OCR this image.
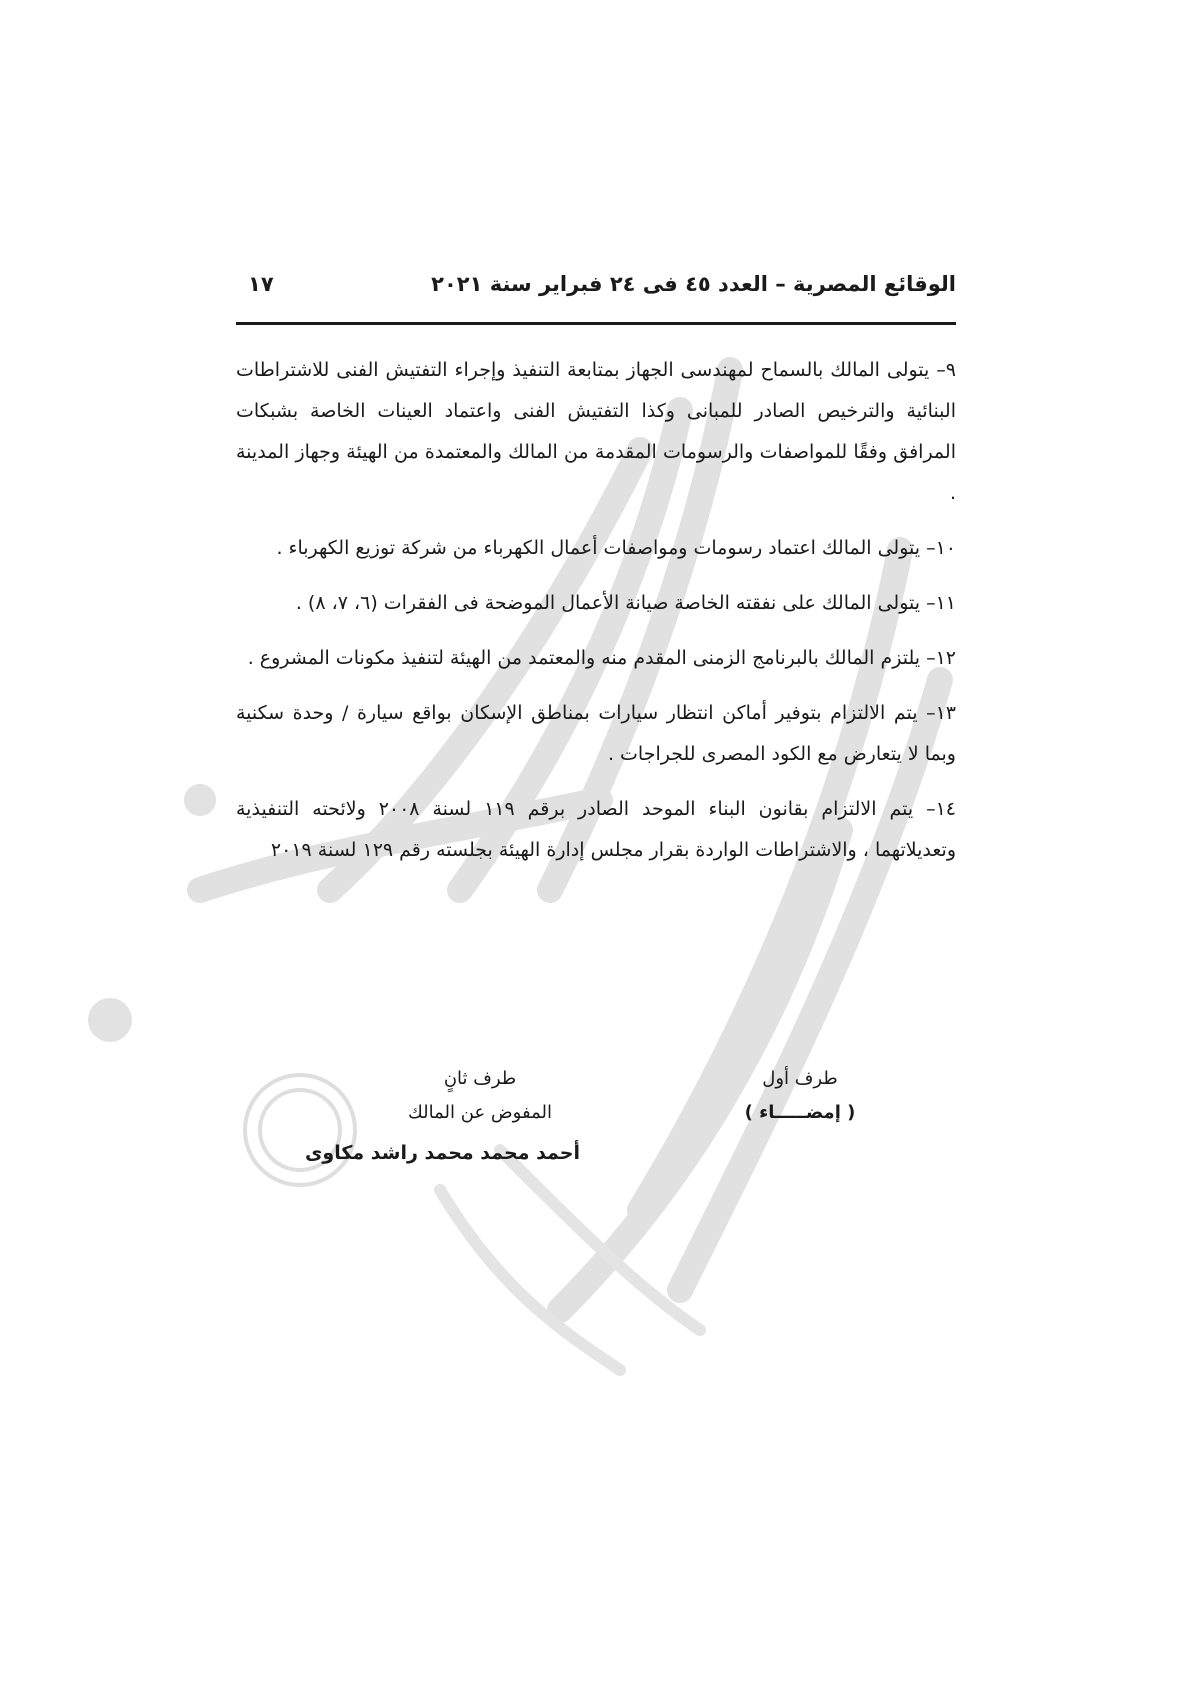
الوقائع المصرية – العدد ٤٥ فى ٢٤ فبراير سنة ٢٠٢١
١٧

٩– يتولى المالك بالسماح لمهندسى الجهاز بمتابعة التنفيذ وإجراء التفتيش الفنى للاشتراطات البنائية والترخيص الصادر للمبانى وكذا التفتيش الفنى واعتماد العينات الخاصة بشبكات المرافق وفقًا للمواصفات والرسومات المقدمة من المالك والمعتمدة من الهيئة وجهاز المدينة .

١٠– يتولى المالك اعتماد رسومات ومواصفات أعمال الكهرباء من شركة توزيع الكهرباء .

١١– يتولى المالك على نفقته الخاصة صيانة الأعمال الموضحة فى الفقرات (٦، ٧، ٨) .

١٢– يلتزم المالك بالبرنامج الزمنى المقدم منه والمعتمد من الهيئة لتنفيذ مكونات المشروع .

١٣– يتم الالتزام بتوفير أماكن انتظار سيارات بمناطق الإسكان بواقع سيارة / وحدة سكنية وبما لا يتعارض مع الكود المصرى للجراجات .

١٤– يتم الالتزام بقانون البناء الموحد الصادر برقم ١١٩ لسنة ٢٠٠٨ ولائحته التنفيذية وتعديلاتهما ، والاشتراطات الواردة بقرار مجلس إدارة الهيئة بجلسته رقم ١٢٩ لسنة ٢٠١٩

طرف أول
( إمضـــــاء )
طرف ثانٍ
المفوض عن المالك
أحمد محمد محمد راشد مكاوى
